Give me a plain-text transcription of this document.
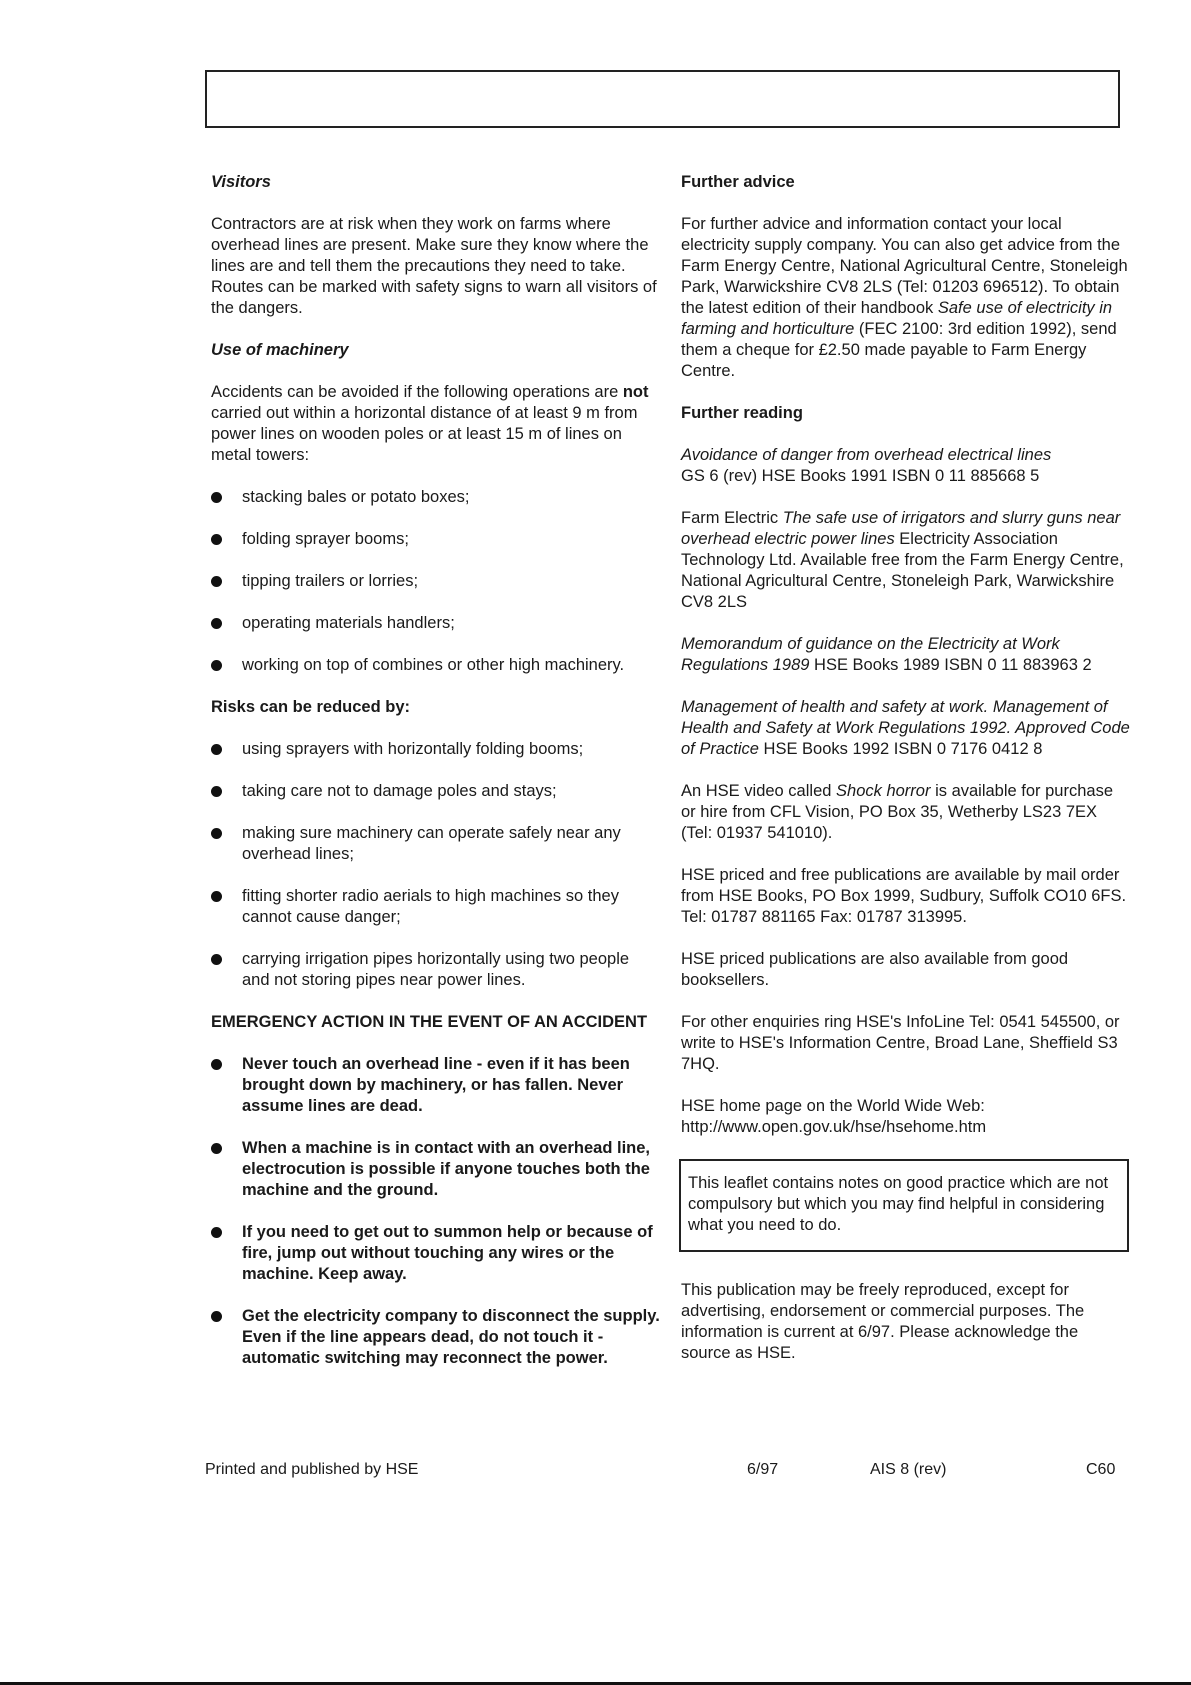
Visitors

Contractors are at risk when they work on farms where overhead lines are present. Make sure they know where the lines are and tell them the precautions they need to take. Routes can be marked with safety signs to warn all visitors of the dangers.

Use of machinery

Accidents can be avoided if the following operations are not carried out within a horizontal distance of at least 9 m from power lines on wooden poles or at least 15 m of lines on metal towers:

stacking bales or potato boxes;
folding sprayer booms;
tipping trailers or lorries;
operating materials handlers;
working on top of combines or other high machinery.

Risks can be reduced by:

using sprayers with horizontally folding booms;
taking care not to damage poles and stays;
making sure machinery can operate safely near any overhead lines;
fitting shorter radio aerials to high machines so they cannot cause danger;
carrying irrigation pipes horizontally using two people and not storing pipes near power lines.

EMERGENCY ACTION IN THE EVENT OF AN ACCIDENT

Never touch an overhead line - even if it has been brought down by machinery, or has fallen. Never assume lines are dead.
When a machine is in contact with an overhead line, electrocution is possible if anyone touches both the machine and the ground.
If you need to get out to summon help or because of fire, jump out without touching any wires or the machine. Keep away.
Get the electricity company to disconnect the supply. Even if the line appears dead, do not touch it - automatic switching may reconnect the power.

Further advice

For further advice and information contact your local electricity supply company. You can also get advice from the Farm Energy Centre, National Agricultural Centre, Stoneleigh Park, Warwickshire CV8 2LS (Tel: 01203 696512). To obtain the latest edition of their handbook Safe use of electricity in farming and horticulture (FEC 2100: 3rd edition 1992), send them a cheque for £2.50 made payable to Farm Energy Centre.

Further reading

Avoidance of danger from overhead electrical lines
GS 6 (rev) HSE Books 1991 ISBN 0 11 885668 5

Farm Electric The safe use of irrigators and slurry guns near overhead electric power lines Electricity Association Technology Ltd. Available free from the Farm Energy Centre, National Agricultural Centre, Stoneleigh Park, Warwickshire CV8 2LS

Memorandum of guidance on the Electricity at Work Regulations 1989 HSE Books 1989 ISBN 0 11 883963 2

Management of health and safety at work. Management of Health and Safety at Work Regulations 1992. Approved Code of Practice HSE Books 1992 ISBN 0 7176 0412 8

An HSE video called Shock horror is available for purchase or hire from CFL Vision, PO Box 35, Wetherby LS23 7EX (Tel: 01937 541010).

HSE priced and free publications are available by mail order from HSE Books, PO Box 1999, Sudbury, Suffolk CO10 6FS. Tel: 01787 881165 Fax: 01787 313995.

HSE priced publications are also available from good booksellers.

For other enquiries ring HSE's InfoLine Tel: 0541 545500, or write to HSE's Information Centre, Broad Lane, Sheffield S3 7HQ.

HSE home page on the World Wide Web:
http://www.open.gov.uk/hse/hsehome.htm

This leaflet contains notes on good practice which are not compulsory but which you may find helpful in considering what you need to do.

This publication may be freely reproduced, except for advertising, endorsement or commercial purposes. The information is current at 6/97. Please acknowledge the source as HSE.

Printed and published by HSE	6/97	AIS 8 (rev)	C60
